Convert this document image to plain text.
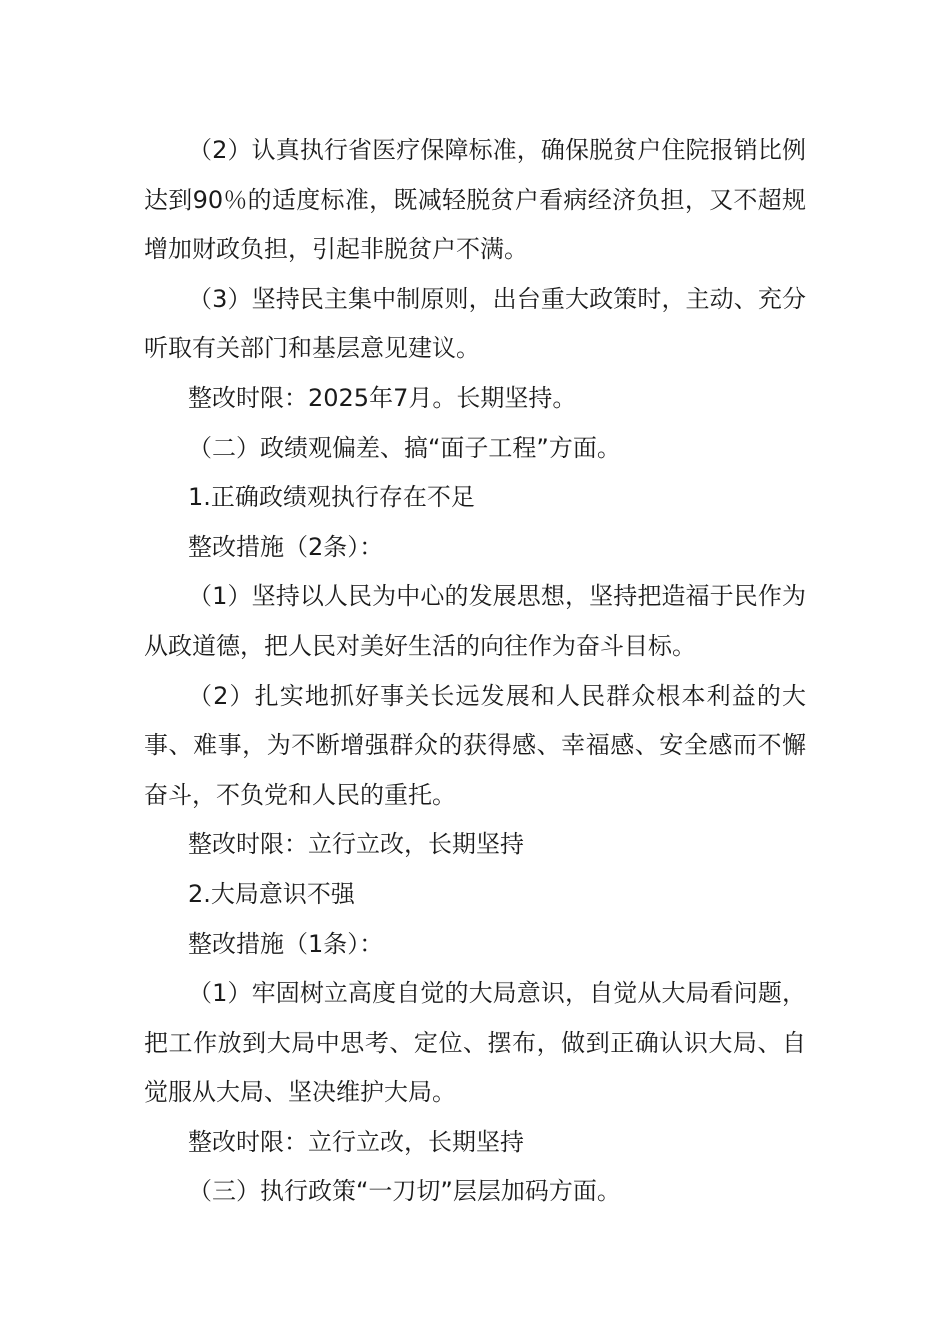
（2）认真执行省医疗保障标准，确保脱贫户住院报销比例达到90％的适度标准，既减轻脱贫户看病经济负担，又不超规增加财政负担，引起非脱贫户不满。

（3）坚持民主集中制原则，出台重大政策时，主动、充分听取有关部门和基层意见建议。

整改时限：2025年7月。长期坚持。

（二）政绩观偏差、搞“面子工程”方面。

1.正确政绩观执行存在不足

整改措施（2条）：

（1）坚持以人民为中心的发展思想，坚持把造福于民作为从政道德，把人民对美好生活的向往作为奋斗目标。

（2）扎实地抓好事关长远发展和人民群众根本利益的大事、难事，为不断增强群众的获得感、幸福感、安全感而不懈奋斗，不负党和人民的重托。

整改时限：立行立改，长期坚持

2.大局意识不强

整改措施（1条）：

（1）牢固树立高度自觉的大局意识，自觉从大局看问题，把工作放到大局中思考、定位、摆布，做到正确认识大局、自觉服从大局、坚决维护大局。

整改时限：立行立改，长期坚持

（三）执行政策“一刀切”层层加码方面。
